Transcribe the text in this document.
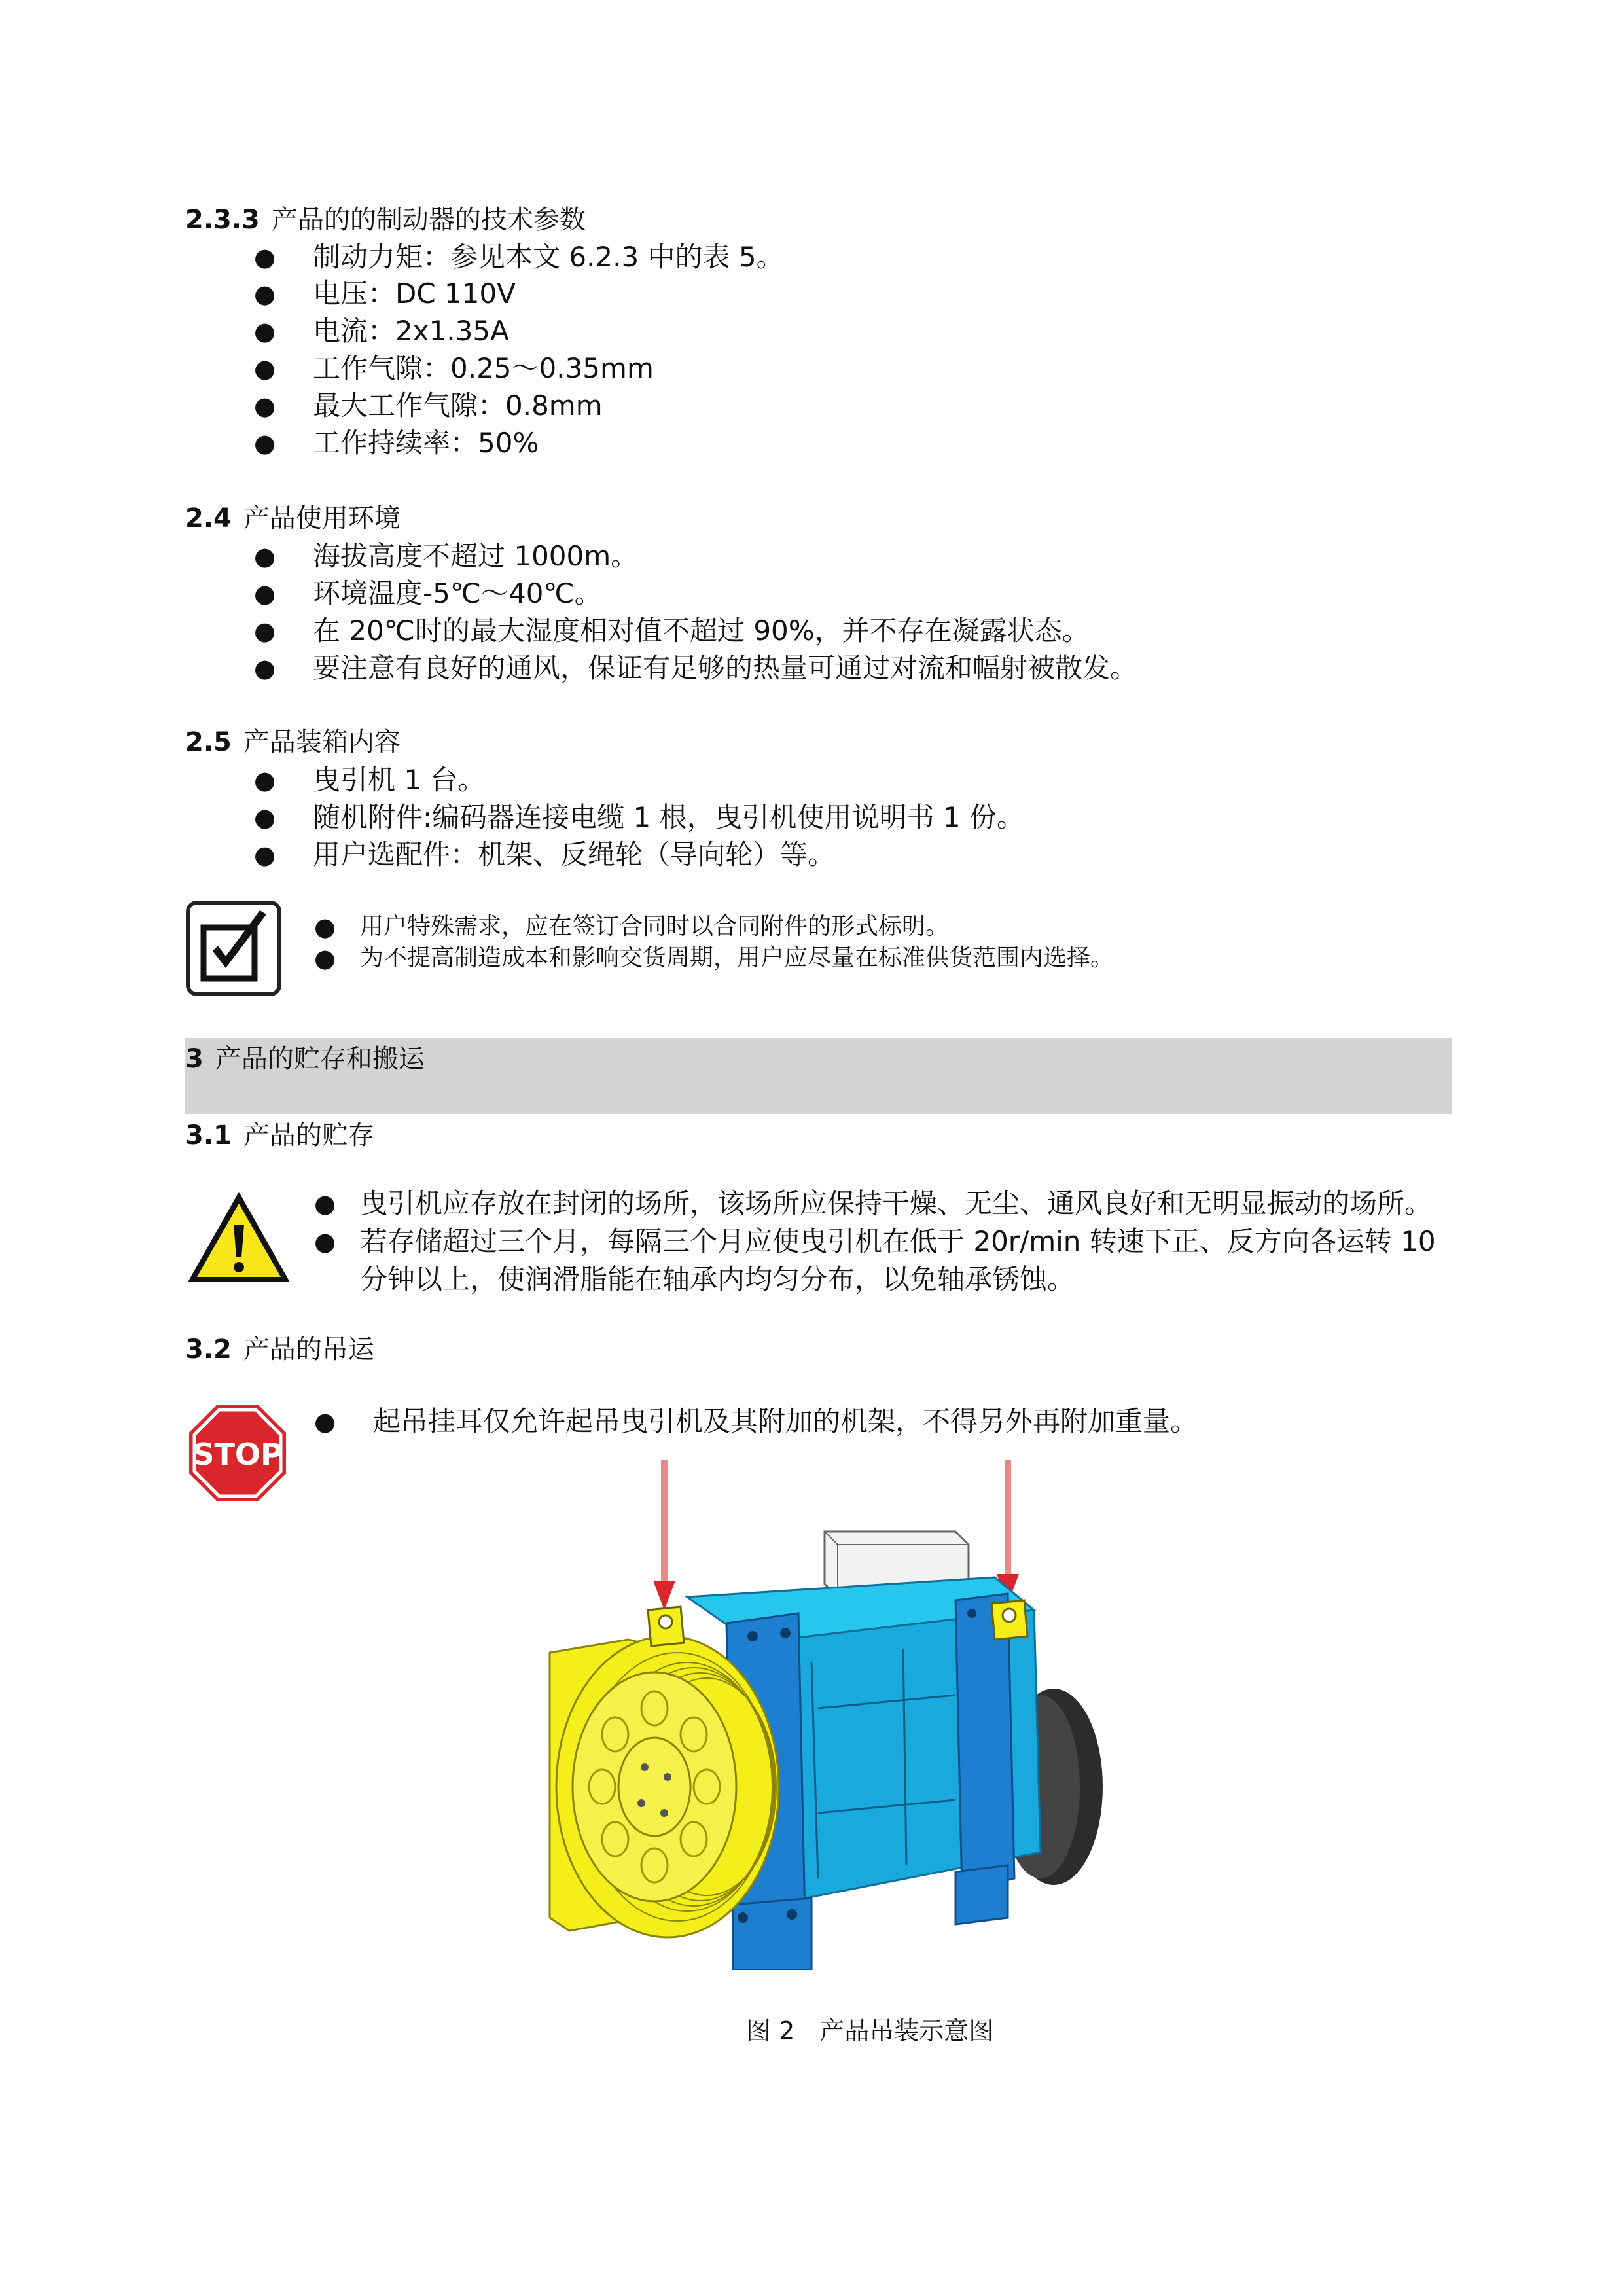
2.3.3 产品的的制动器的技术参数
● 制动力矩：参见本文 6.2.3 中的表 5。
● 电压：DC 110V
● 电流：2x1.35A
● 工作气隙：0.25～0.35mm
● 最大工作气隙：0.8mm
● 工作持续率：50%
2.4 产品使用环境
● 海拔高度不超过 1000m。
● 环境温度-5℃～40℃。
● 在 20℃时的最大湿度相对值不超过 90%，并不存在凝露状态。
● 要注意有良好的通风，保证有足够的热量可通过对流和幅射被散发。
2.5 产品装箱内容
● 曳引机 1 台。
● 随机附件:编码器连接电缆 1 根，曳引机使用说明书 1 份。
● 用户选配件：机架、反绳轮（导向轮）等。
● 用户特殊需求，应在签订合同时以合同附件的形式标明。
● 为不提高制造成本和影响交货周期，用户应尽量在标准供货范围内选择。
3 产品的贮存和搬运
3.1 产品的贮存
● 曳引机应存放在封闭的场所，该场所应保持干燥、无尘、通风良好和无明显振动的场所。
● 若存储超过三个月，每隔三个月应使曳引机在低于 20r/min 转速下正、反方向各运转 10
分钟以上，使润滑脂能在轴承内均匀分布，以免轴承锈蚀。
3.2 产品的吊运
STOP
● 起吊挂耳仅允许起吊曳引机及其附加的机架，不得另外再附加重量。
图 2　产品吊装示意图
